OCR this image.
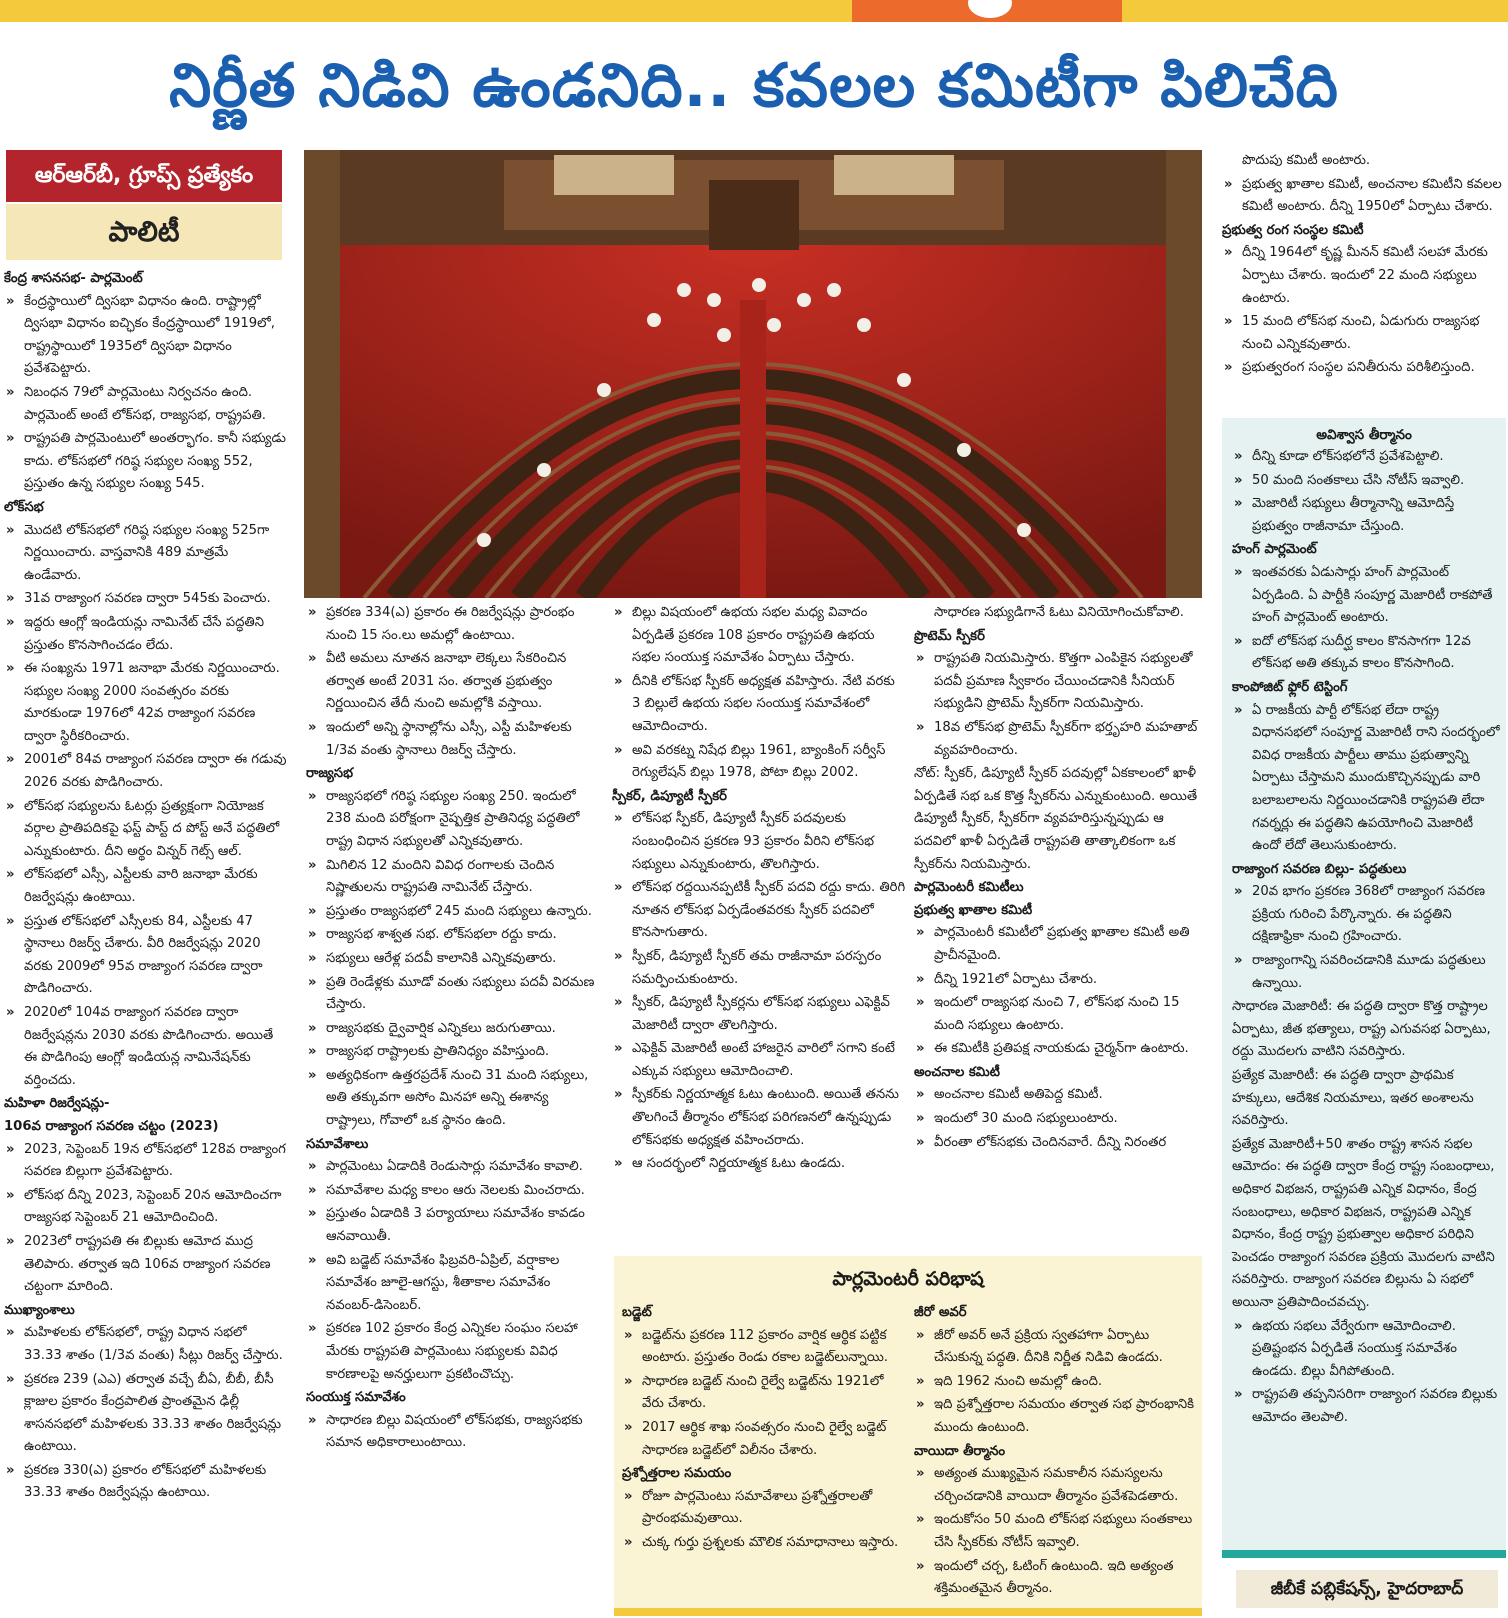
నిర్ణీత నిడివి ఉండనిది.. కవలల కమిటీగా పిలిచేది
ఆర్ఆర్‌బీ, గ్రూప్స్ ప్రత్యేకం
పాలిటీ
కేంద్ర శాసనసభ- పార్లమెంట్

» కేంద్రస్థాయిలో ద్విసభా విధానం ఉంది. రాష్ట్రాల్లో ద్విసభా విధానం ఐచ్ఛికం కేంద్రస్థాయిలో 1919లో, రాష్ట్రస్థాయిలో 1935లో ద్విసభా విధానం ప్రవేశపెట్టారు.

» నిబంధన 79లో పార్లమెంటు నిర్వచనం ఉంది. పార్లమెంట్ అంటే లోక్‌సభ, రాజ్యసభ, రాష్ట్రపతి.

» రాష్ట్రపతి పార్లమెంటులో అంతర్భాగం. కానీ సభ్యుడు కాదు. లోక్‌సభలో గరిష్ఠ సభ్యుల సంఖ్య 552, ప్రస్తుతం ఉన్న సభ్యుల సంఖ్య 545.

లోక్‌సభ

» మొదటి లోక్‌సభలో గరిష్ఠ సభ్యుల సంఖ్య 525గా నిర్ణయించారు. వాస్తవానికి 489 మాత్రమే ఉండేవారు.

» 31వ రాజ్యాంగ సవరణ ద్వారా 545కు పెంచారు.

» ఇద్దరు ఆంగ్లో ఇండియన్లు నామినేట్ చేసే పద్ధతిని ప్రస్తుతం కొనసాగించడం లేదు.

» ఈ సంఖ్యను 1971 జనాభా మేరకు నిర్ణయించారు. సభ్యుల సంఖ్య 2000 సంవత్సరం వరకు మారకుండా 1976లో 42వ రాజ్యాంగ సవరణ ద్వారా స్థిరీకరించారు.

» 2001లో 84వ రాజ్యాంగ సవరణ ద్వారా ఈ గడువు 2026 వరకు పొడిగించారు.

» లోక్‌సభ సభ్యులను ఓటర్లు ప్రత్యక్షంగా నియోజక వర్గాల ప్రాతిపదికపై ఫస్ట్ పాస్ట్ ద పోస్ట్ అనే పద్ధతిలో ఎన్నుకుంటారు. దీని అర్థం విన్నర్ గెట్స్ ఆల్.

» లోక్‌సభలో ఎస్సీ, ఎస్టీలకు వారి జనాభా మేరకు రిజర్వేషన్లు ఉంటాయి.

» ప్రస్తుత లోక్‌సభలో ఎస్సీలకు 84, ఎస్టీలకు 47 స్థానాలు రిజర్వ్ చేశారు. వీరి రిజర్వేషన్లు 2020 వరకు 2009లో 95వ రాజ్యాంగ సవరణ ద్వారా పొడిగించారు.

» 2020లో 104వ రాజ్యాంగ సవరణ ద్వారా రిజర్వేషన్లను 2030 వరకు పొడిగించారు. అయితే ఈ పొడిగింపు ఆంగ్లో ఇండియన్ల నామినేషన్‌కు వర్తించదు.

మహిళా రిజర్వేషన్లు-
106వ రాజ్యాంగ సవరణ చట్టం (2023)

» 2023, సెప్టెంబర్ 19న లోక్‌సభలో 128వ రాజ్యాంగ సవరణ బిల్లుగా ప్రవేశపెట్టారు.

» లోక్‌సభ దీన్ని 2023, సెప్టెంబర్ 20న ఆమోదించగా రాజ్యసభ సెప్టెంబర్ 21 ఆమోదించింది.

» 2023లో రాష్ట్రపతి ఈ బిల్లుకు ఆమోద ముద్ర తెలిపారు. తర్వాత ఇది 106వ రాజ్యాంగ సవరణ చట్టంగా మారింది.

ముఖ్యాంశాలు

» మహిళలకు లోక్‌సభలో, రాష్ట్ర విధాన సభలో 33.33 శాతం (1/3వ వంతు) సీట్లు రిజర్వ్ చేస్తారు.

» ప్రకరణ 239 (ఎఎ) తర్వాత వచ్చే బీఏ, బీబీ, బీసీ క్లాజుల ప్రకారం కేంద్రపాలిత ప్రాంతమైన ఢిల్లీ శాసనసభలో మహిళలకు 33.33 శాతం రిజర్వేషన్లు ఉంటాయి.

» ప్రకరణ 330(ఎ) ప్రకారం లోక్‌సభలో మహిళలకు 33.33 శాతం రిజర్వేషన్లు ఉంటాయి.

» ప్రకరణ 334(ఎ) ప్రకారం ఈ రిజర్వేషన్లు ప్రారంభం నుంచి 15 సం.లు అమల్లో ఉంటాయి.

» వీటి అమలు నూతన జనాభా లెక్కలు సేకరించిన తర్వాత అంటే 2031 సం. తర్వాత ప్రభుత్వం నిర్ణయించిన తేదీ నుంచి అమల్లోకి వస్తాయి.

» ఇందులో అన్ని స్థానాల్లోను ఎస్సీ, ఎస్టీ మహిళలకు 1/3వ వంతు స్థానాలు రిజర్వ్ చేస్తారు.

రాజ్యసభ

» రాజ్యసభలో గరిష్ఠ సభ్యుల సంఖ్య 250. ఇందులో 238 మంది పరోక్షంగా నైష్పత్తిక ప్రాతినిధ్య పద్ధతిలో రాష్ట్ర విధాన సభ్యులతో ఎన్నికవుతారు.

» మిగిలిన 12 మందిని వివిధ రంగాలకు చెందిన నిష్ణాతులను రాష్ట్రపతి నామినేట్ చేస్తారు.

» ప్రస్తుతం రాజ్యసభలో 245 మంది సభ్యులు ఉన్నారు.

» రాజ్యసభ శాశ్వత సభ. లోక్‌సభలా రద్దు కాదు.

» సభ్యులు ఆరేళ్ల పదవీ కాలానికి ఎన్నికవుతారు.

» ప్రతి రెండేళ్లకు మూడో వంతు సభ్యులు పదవీ విరమణ చేస్తారు.

» రాజ్యసభకు ద్వైవార్షిక ఎన్నికలు జరుగుతాయి.

» రాజ్యసభ రాష్ట్రాలకు ప్రాతినిధ్యం వహిస్తుంది.

» అత్యధికంగా ఉత్తరప్రదేశ్ నుంచి 31 మంది సభ్యులు, అతి తక్కువగా అసోం మినహా అన్ని ఈశాన్య రాష్ట్రాలు, గోవాలో ఒక స్థానం ఉంది.

సమావేశాలు

» పార్లమెంటు ఏడాదికి రెండుసార్లు సమావేశం కావాలి.

» సమావేశాల మధ్య కాలం ఆరు నెలలకు మించరాదు.

» ప్రస్తుతం ఏడాదికి 3 పర్యాయాలు సమావేశం కావడం ఆనవాయితీ.

» అవి బడ్జెట్ సమావేశం ఫిబ్రవరి-ఏప్రిల్, వర్షాకాల సమావేశం జూలై-ఆగస్టు, శీతాకాల సమావేశం నవంబర్-డిసెంబర్.

» ప్రకరణ 102 ప్రకారం కేంద్ర ఎన్నికల సంఘం సలహా మేరకు రాష్ట్రపతి పార్లమెంటు సభ్యులకు వివిధ కారణాలపై అనర్హులుగా ప్రకటించొచ్చు.

సంయుక్త సమావేశం

» సాధారణ బిల్లు విషయంలో లోక్‌సభకు, రాజ్యసభకు సమాన అధికారాలుంటాయి.

» బిల్లు విషయంలో ఉభయ సభల మధ్య వివాదం ఏర్పడితే ప్రకరణ 108 ప్రకారం రాష్ట్రపతి ఉభయ సభల సంయుక్త సమావేశం ఏర్పాటు చేస్తారు.

» దీనికి లోక్‌సభ స్పీకర్ అధ్యక్షత వహిస్తారు. నేటి వరకు 3 బిల్లులే ఉభయ సభల సంయుక్త సమావేశంలో ఆమోదించారు.

» అవి వరకట్న నిషేధ బిల్లు 1961, బ్యాంకింగ్ సర్వీస్ రెగ్యులేషన్ బిల్లు 1978, పోటా బిల్లు 2002.

స్పీకర్, డిప్యూటీ స్పీకర్

» లోక్‌సభ స్పీకర్, డిప్యూటీ స్పీకర్ పదవులకు సంబంధించిన ప్రకరణ 93 ప్రకారం వీరిని లోక్‌సభ సభ్యులు ఎన్నుకుంటారు, తొలగిస్తారు.

» లోక్‌సభ రద్దయినప్పటికీ స్పీకర్ పదవి రద్దు కాదు. తిరిగి నూతన లోక్‌సభ ఏర్పడేంతవరకు స్పీకర్ పదవిలో కొనసాగుతారు.

» స్పీకర్, డిప్యూటీ స్పీకర్ తమ రాజీనామా పరస్పరం సమర్పించుకుంటారు.

» స్పీకర్, డిప్యూటీ స్పీకర్లను లోక్‌సభ సభ్యులు ఎఫెక్టివ్ మెజారిటీ ద్వారా తొలగిస్తారు.

» ఎఫెక్టివ్ మెజారిటీ అంటే హాజరైన వారిలో సగాని కంటే ఎక్కువ సభ్యులు ఆమోదించాలి.

» స్పీకర్‌కు నిర్ణయాత్మక ఓటు ఉంటుంది. అయితే తనను తొలగించే తీర్మానం లోక్‌సభ పరిగణనలో ఉన్నప్పుడు లోక్‌సభకు అధ్యక్షత వహించరాదు.

» ఆ సందర్భంలో నిర్ణయాత్మక ఓటు ఉండదు.

సాధారణ సభ్యుడిగానే ఓటు వినియోగించుకోవాలి.

ప్రొటెమ్ స్పీకర్

» రాష్ట్రపతి నియమిస్తారు. కొత్తగా ఎంపికైన సభ్యులతో పదవీ ప్రమాణ స్వీకారం చేయించడానికి సీనియర్ సభ్యుడిని ప్రొటెమ్ స్పీకర్‌గా నియమిస్తారు.

» 18వ లోక్‌సభ ప్రొటెమ్ స్పీకర్‌గా భర్తృహరి మహతాబ్ వ్యవహరించారు.

నోట్: స్పీకర్, డిప్యూటీ స్పీకర్ పదవుల్లో ఏకకాలంలో ఖాళీ ఏర్పడితే సభ ఒక కొత్త స్పీకర్‌ను ఎన్నుకుంటుంది. అయితే డిప్యూటీ స్పీకర్, స్పీకర్‌గా వ్యవహరిస్తున్నప్పుడు ఆ పదవిలో ఖాళీ ఏర్పడితే రాష్ట్రపతి తాత్కాలికంగా ఒక స్పీకర్‌ను నియమిస్తారు.

పార్లమెంటరీ కమిటీలు
ప్రభుత్వ ఖాతాల కమిటీ

» పార్లమెంటరీ కమిటీలో ప్రభుత్వ ఖాతాల కమిటీ అతి ప్రాచీనమైంది.

» దీన్ని 1921లో ఏర్పాటు చేశారు.

» ఇందులో రాజ్యసభ నుంచి 7, లోక్‌సభ నుంచి 15 మంది సభ్యులు ఉంటారు.

» ఈ కమిటీకి ప్రతిపక్ష నాయకుడు చైర్మన్‌గా ఉంటారు.

అంచనాల కమిటీ

» అంచనాల కమిటీ అతిపెద్ద కమిటీ.

» ఇందులో 30 మంది సభ్యులుంటారు.

» వీరంతా లోక్‌సభకు చెందినవారే. దీన్ని నిరంతర

పొదుపు కమిటీ అంటారు.

» ప్రభుత్వ ఖాతాల కమిటీ, అంచనాల కమిటీని కవలల కమిటీ అంటారు. దీన్ని 1950లో ఏర్పాటు చేశారు.

ప్రభుత్వ రంగ సంస్థల కమిటీ

» దీన్ని 1964లో కృష్ణ మీనన్ కమిటీ సలహా మేరకు ఏర్పాటు చేశారు. ఇందులో 22 మంది సభ్యులు ఉంటారు.

» 15 మంది లోక్‌సభ నుంచి, ఏడుగురు రాజ్యసభ నుంచి ఎన్నికవుతారు.

» ప్రభుత్వరంగ సంస్థల పనితీరును పరిశీలిస్తుంది.

అవిశ్వాస తీర్మానం

» దీన్ని కూడా లోక్‌సభలోనే ప్రవేశపెట్టాలి.

» 50 మంది సంతకాలు చేసి నోటీస్ ఇవ్వాలి.

» మెజారిటీ సభ్యులు తీర్మానాన్ని ఆమోదిస్తే ప్రభుత్వం రాజీనామా చేస్తుంది.

హంగ్ పార్లమెంట్

» ఇంతవరకు ఏడుసార్లు హంగ్ పార్లమెంట్ ఏర్పడింది. ఏ పార్టీకి సంపూర్ణ మెజారిటీ రాకపోతే హంగ్ పార్లమెంట్ అంటారు.

» ఐదో లోక్‌సభ సుదీర్ఘ కాలం కొనసాగగా 12వ లోక్‌సభ అతి తక్కువ కాలం కొనసాగింది.

కాంపోజిట్ ఫ్లోర్ టెస్టింగ్

» ఏ రాజకీయ పార్టీ లోక్‌సభ లేదా రాష్ట్ర విధానసభలో సంపూర్ణ మెజారిటీ రాని సందర్భంలో వివిధ రాజకీయ పార్టీలు తాము ప్రభుత్వాన్ని ఏర్పాటు చేస్తామని ముందుకొచ్చినప్పుడు వారి బలాబలాలను నిర్ణయించడానికి రాష్ట్రపతి లేదా గవర్నర్లు ఈ పద్ధతిని ఉపయోగించి మెజారిటీ ఉందో లేదో తెలుసుకుంటారు.

రాజ్యాంగ సవరణ బిల్లు- పద్ధతులు

» 20వ భాగం ప్రకరణ 368లో రాజ్యాంగ సవరణ ప్రక్రియ గురించి పేర్కొన్నారు. ఈ పద్ధతిని దక్షిణాఫ్రికా నుంచి గ్రహించారు.

» రాజ్యాంగాన్ని సవరించడానికి మూడు పద్ధతులు ఉన్నాయి.

సాధారణ మెజారిటీ: ఈ పద్ధతి ద్వారా కొత్త రాష్ట్రాల ఏర్పాటు, జీత భత్యాలు, రాష్ట్ర ఎగువసభ ఏర్పాటు, రద్దు మొదలగు వాటిని సవరిస్తారు.

ప్రత్యేక మెజారిటీ: ఈ పద్ధతి ద్వారా ప్రాథమిక హక్కులు, ఆదేశిక నియమాలు, ఇతర అంశాలను సవరిస్తారు.

ప్రత్యేక మెజారిటీ+50 శాతం రాష్ట్ర శాసన సభల ఆమోదం: ఈ పద్ధతి ద్వారా కేంద్ర రాష్ట్ర సంబంధాలు, అధికార విభజన, రాష్ట్రపతి ఎన్నిక విధానం, కేంద్ర సంబంధాలు, అధికార విభజన, రాష్ట్రపతి ఎన్నిక విధానం, కేంద్ర రాష్ట్ర ప్రభుత్వాల అధికార పరిధిని పెంచడం రాజ్యాంగ సవరణ ప్రక్రియ మొదలగు వాటిని సవరిస్తారు. రాజ్యాంగ సవరణ బిల్లును ఏ సభలో అయినా ప్రతిపాదించవచ్చు.

» ఉభయ సభలు వేర్వేరుగా ఆమోదించాలి. ప్రతిష్టంభన ఏర్పడితే సంయుక్త సమావేశం ఉండదు. బిల్లు వీగిపోతుంది.

» రాష్ట్రపతి తప్పనిసరిగా రాజ్యాంగ సవరణ బిల్లుకు ఆమోదం తెలపాలి.

పార్లమెంటరీ పరిభాష
బడ్జెట్

» బడ్జెట్‌ను ప్రకరణ 112 ప్రకారం వార్షిక ఆర్థిక పట్టిక అంటారు. ప్రస్తుతం రెండు రకాల బడ్జెట్‌లున్నాయి.

» సాధారణ బడ్జెట్ నుంచి రైల్వే బడ్జెట్‌ను 1921లో వేరు చేశారు.

» 2017 ఆర్థిక శాఖ సంవత్సరం నుంచి రైల్వే బడ్జెట్ సాధారణ బడ్జెట్‌లో విలీనం చేశారు.

ప్రశ్నోత్తరాల సమయం

» రోజూ పార్లమెంటు సమావేశాలు ప్రశ్నోత్తరాలతో ప్రారంభమవుతాయి.

» చుక్క గుర్తు ప్రశ్నలకు మౌలిక సమాధానాలు ఇస్తారు.

జీరో అవర్

» జీరో అవర్ అనే ప్రక్రియ స్వతహాగా ఏర్పాటు చేసుకున్న పద్ధతి. దీనికి నిర్ణీత నిడివి ఉండదు.

» ఇది 1962 నుంచి అమల్లో ఉంది.

» ఇది ప్రశ్నోత్తరాల సమయం తర్వాత సభ ప్రారంభానికి ముందు ఉంటుంది.

వాయిదా తీర్మానం

» అత్యంత ముఖ్యమైన సమకాలీన సమస్యలను చర్చించడానికి వాయిదా తీర్మానం ప్రవేశపెడతారు.

» ఇందుకోసం 50 మంది లోక్‌సభ సభ్యులు సంతకాలు చేసి స్పీకర్‌కు నోటీస్ ఇవ్వాలి.

» ఇందులో చర్చ, ఓటింగ్ ఉంటుంది. ఇది అత్యంత శక్తిమంతమైన తీర్మానం.	జీబీకే పబ్లికేషన్స్, హైదరాబాద్
